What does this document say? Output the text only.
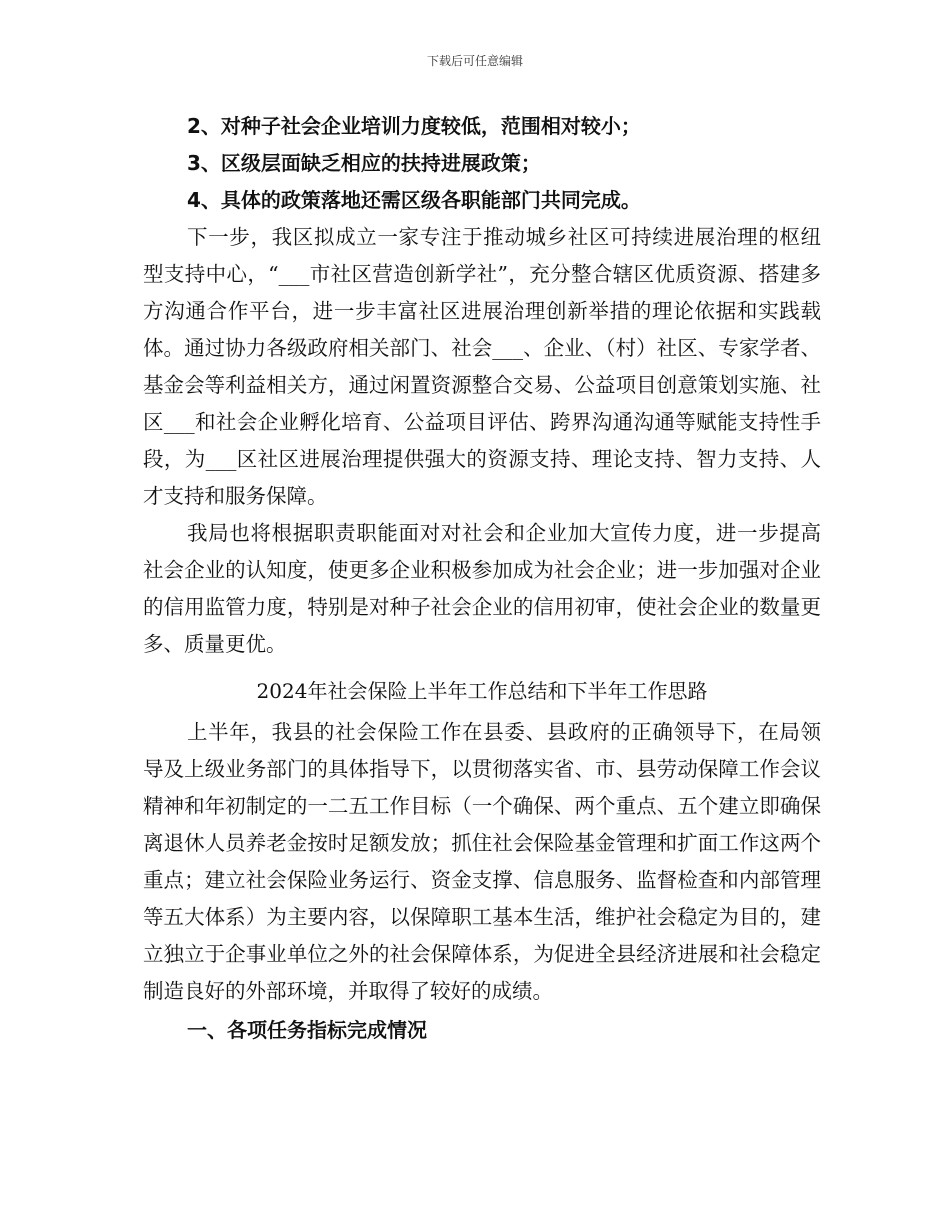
下载后可任意编辑
2、对种子社会企业培训力度较低，范围相对较小；
3、区级层面缺乏相应的扶持进展政策；
4、具体的政策落地还需区级各职能部门共同完成。

下一步，我区拟成立一家专注于推动城乡社区可持续进展治理的枢纽型支持中心，“___市社区营造创新学社”，充分整合辖区优质资源、搭建多方沟通合作平台，进一步丰富社区进展治理创新举措的理论依据和实践载体。通过协力各级政府相关部门、社会___、企业、（村）社区、专家学者、基金会等利益相关方，通过闲置资源整合交易、公益项目创意策划实施、社区___和社会企业孵化培育、公益项目评估、跨界沟通沟通等赋能支持性手段，为___区社区进展治理提供强大的资源支持、理论支持、智力支持、人才支持和服务保障。

我局也将根据职责职能面对对社会和企业加大宣传力度，进一步提高社会企业的认知度，使更多企业积极参加成为社会企业；进一步加强对企业的信用监管力度，特别是对种子社会企业的信用初审，使社会企业的数量更多、质量更优。

2024年社会保险上半年工作总结和下半年工作思路

上半年，我县的社会保险工作在县委、县政府的正确领导下，在局领导及上级业务部门的具体指导下，以贯彻落实省、市、县劳动保障工作会议精神和年初制定的一二五工作目标（一个确保、两个重点、五个建立即确保离退休人员养老金按时足额发放；抓住社会保险基金管理和扩面工作这两个重点；建立社会保险业务运行、资金支撑、信息服务、监督检查和内部管理等五大体系）为主要内容，以保障职工基本生活，维护社会稳定为目的，建立独立于企事业单位之外的社会保障体系，为促进全县经济进展和社会稳定制造良好的外部环境，并取得了较好的成绩。

一、各项任务指标完成情况
